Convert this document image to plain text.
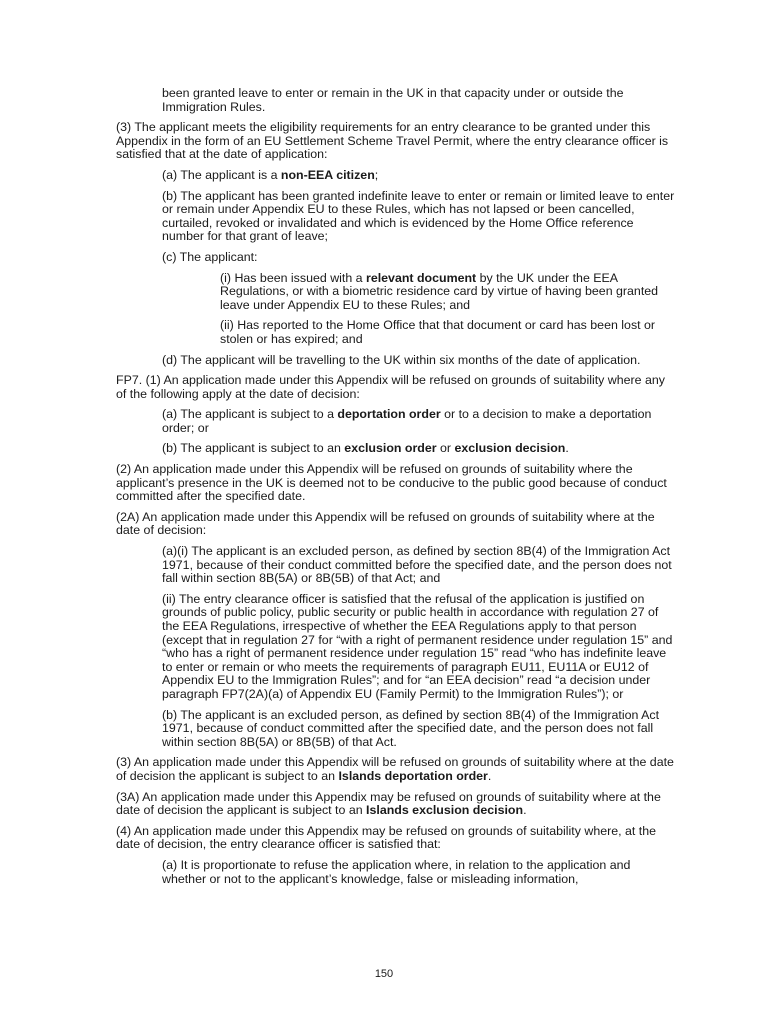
been granted leave to enter or remain in the UK in that capacity under or outside the Immigration Rules.

(3) The applicant meets the eligibility requirements for an entry clearance to be granted under this Appendix in the form of an EU Settlement Scheme Travel Permit, where the entry clearance officer is satisfied that at the date of application:

(a) The applicant is a non-EEA citizen;

(b) The applicant has been granted indefinite leave to enter or remain or limited leave to enter or remain under Appendix EU to these Rules, which has not lapsed or been cancelled, curtailed, revoked or invalidated and which is evidenced by the Home Office reference number for that grant of leave;

(c) The applicant:

(i) Has been issued with a relevant document by the UK under the EEA Regulations, or with a biometric residence card by virtue of having been granted leave under Appendix EU to these Rules; and

(ii) Has reported to the Home Office that that document or card has been lost or stolen or has expired; and

(d) The applicant will be travelling to the UK within six months of the date of application.

FP7. (1) An application made under this Appendix will be refused on grounds of suitability where any of the following apply at the date of decision:

(a) The applicant is subject to a deportation order or to a decision to make a deportation order; or

(b) The applicant is subject to an exclusion order or exclusion decision.

(2) An application made under this Appendix will be refused on grounds of suitability where the applicant’s presence in the UK is deemed not to be conducive to the public good because of conduct committed after the specified date.

(2A) An application made under this Appendix will be refused on grounds of suitability where at the date of decision:

(a)(i) The applicant is an excluded person, as defined by section 8B(4) of the Immigration Act 1971, because of their conduct committed before the specified date, and the person does not fall within section 8B(5A) or 8B(5B) of that Act; and

(ii) The entry clearance officer is satisfied that the refusal of the application is justified on grounds of public policy, public security or public health in accordance with regulation 27 of the EEA Regulations, irrespective of whether the EEA Regulations apply to that person (except that in regulation 27 for “with a right of permanent residence under regulation 15” and “who has a right of permanent residence under regulation 15” read “who has indefinite leave to enter or remain or who meets the requirements of paragraph EU11, EU11A or EU12 of Appendix EU to the Immigration Rules”; and for “an EEA decision” read “a decision under paragraph FP7(2A)(a) of Appendix EU (Family Permit) to the Immigration Rules”); or

(b) The applicant is an excluded person, as defined by section 8B(4) of the Immigration Act 1971, because of conduct committed after the specified date, and the person does not fall within section 8B(5A) or 8B(5B) of that Act.

(3) An application made under this Appendix will be refused on grounds of suitability where at the date of decision the applicant is subject to an Islands deportation order.

(3A) An application made under this Appendix may be refused on grounds of suitability where at the date of decision the applicant is subject to an Islands exclusion decision.

(4) An application made under this Appendix may be refused on grounds of suitability where, at the date of decision, the entry clearance officer is satisfied that:

(a) It is proportionate to refuse the application where, in relation to the application and whether or not to the applicant’s knowledge, false or misleading information,

150
